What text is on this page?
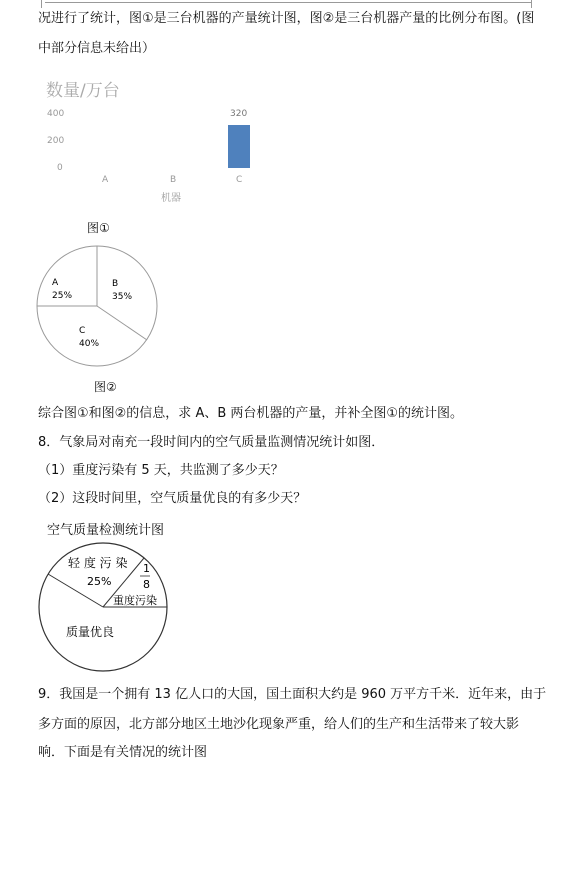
况进行了统计，图①是三台机器的产量统计图，图②是三台机器产量的比例分布图。(图
中部分信息未给出）
数量/万台
400
200
0
320
A	B	C
机器
图①
A
25%
B
35%
C
40%
图②
综合图①和图②的信息，求 A、B 两台机器的产量，并补全图①的统计图。
8．气象局对南充一段时间内的空气质量监测情况统计如图．
（1）重度污染有 5 天，共监测了多少天？
（2）这段时间里，空气质量优良的有多少天？
空气质量检测统计图
轻 度 污 染
25%
1
8
重度污染
质量优良
9．我国是一个拥有 13 亿人口的大国，国土面积大约是 960 万平方千米．近年来，由于
多方面的原因，北方部分地区土地沙化现象严重，给人们的生产和生活带来了较大影
响．下面是有关情况的统计图
